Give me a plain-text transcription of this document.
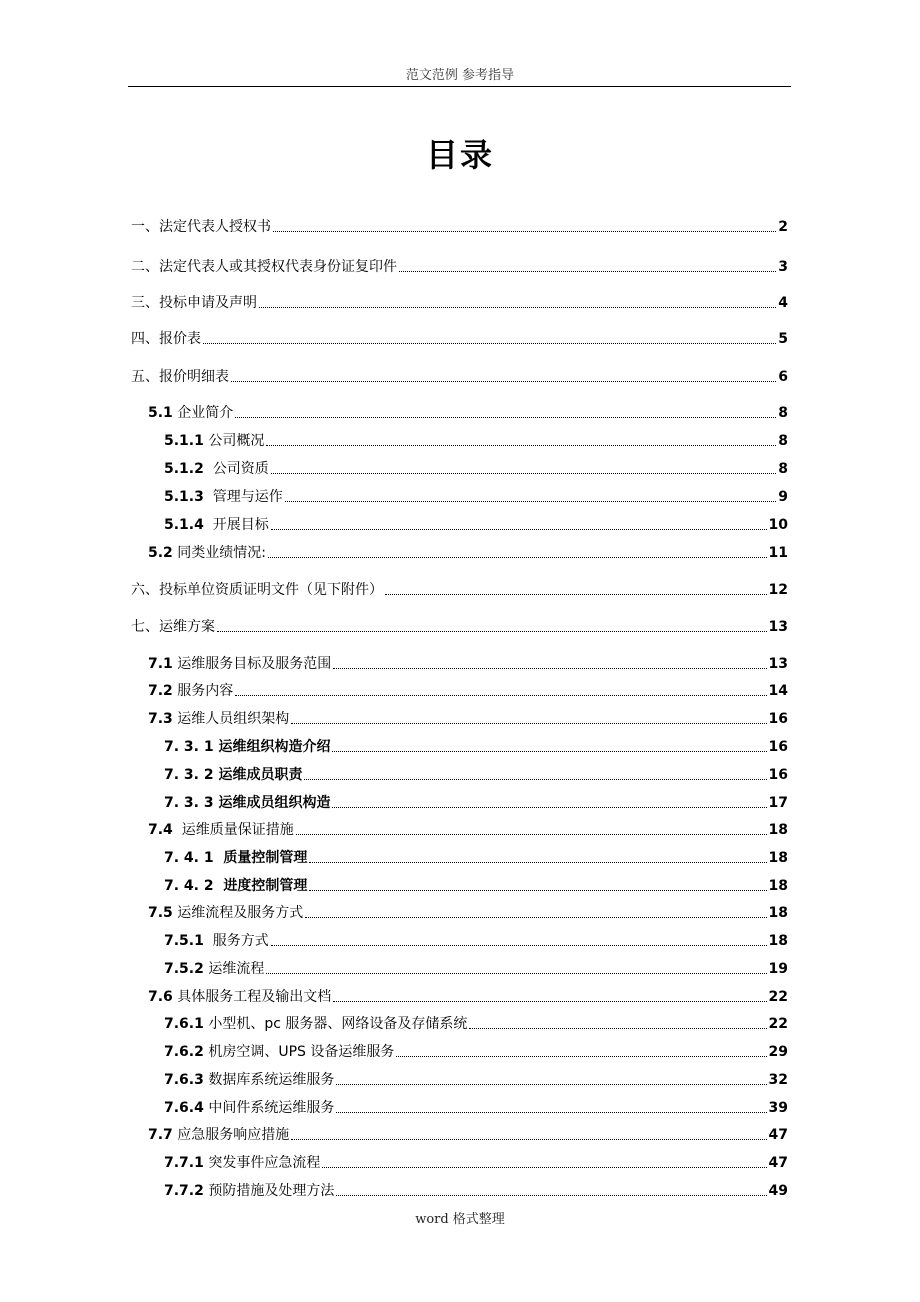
范文范例 参考指导
目录
一、法定代表人授权书	2
二、法定代表人或其授权代表身份证复印件	3
三、投标申请及声明	4
四、报价表	5
五、报价明细表	6
5.1 企业简介	8
5.1.1 公司概况	8
5.1.2 公司资质	8
5.1.3 管理与运作	9
5.1.4 开展目标	10
5.2 同类业绩情况:	11
六、投标单位资质证明文件（见下附件）	12
七、运维方案	13
7.1 运维服务目标及服务范围	13
7.2 服务内容	14
7.3 运维人员组织架构	16
7. 3. 1 运维组织构造介绍	16
7. 3. 2 运维成员职责	16
7. 3. 3 运维成员组织构造	17
7.4 运维质量保证措施	18
7. 4. 1 质量控制管理	18
7. 4. 2 进度控制管理	18
7.5 运维流程及服务方式	18
7.5.1 服务方式	18
7.5.2 运维流程	19
7.6 具体服务工程及输出文档	22
7.6.1 小型机、pc 服务器、网络设备及存储系统	22
7.6.2 机房空调、UPS 设备运维服务	29
7.6.3 数据库系统运维服务	32
7.6.4 中间件系统运维服务	39
7.7 应急服务响应措施	47
7.7.1 突发事件应急流程	47
7.7.2 预防措施及处理方法	49
word 格式整理
